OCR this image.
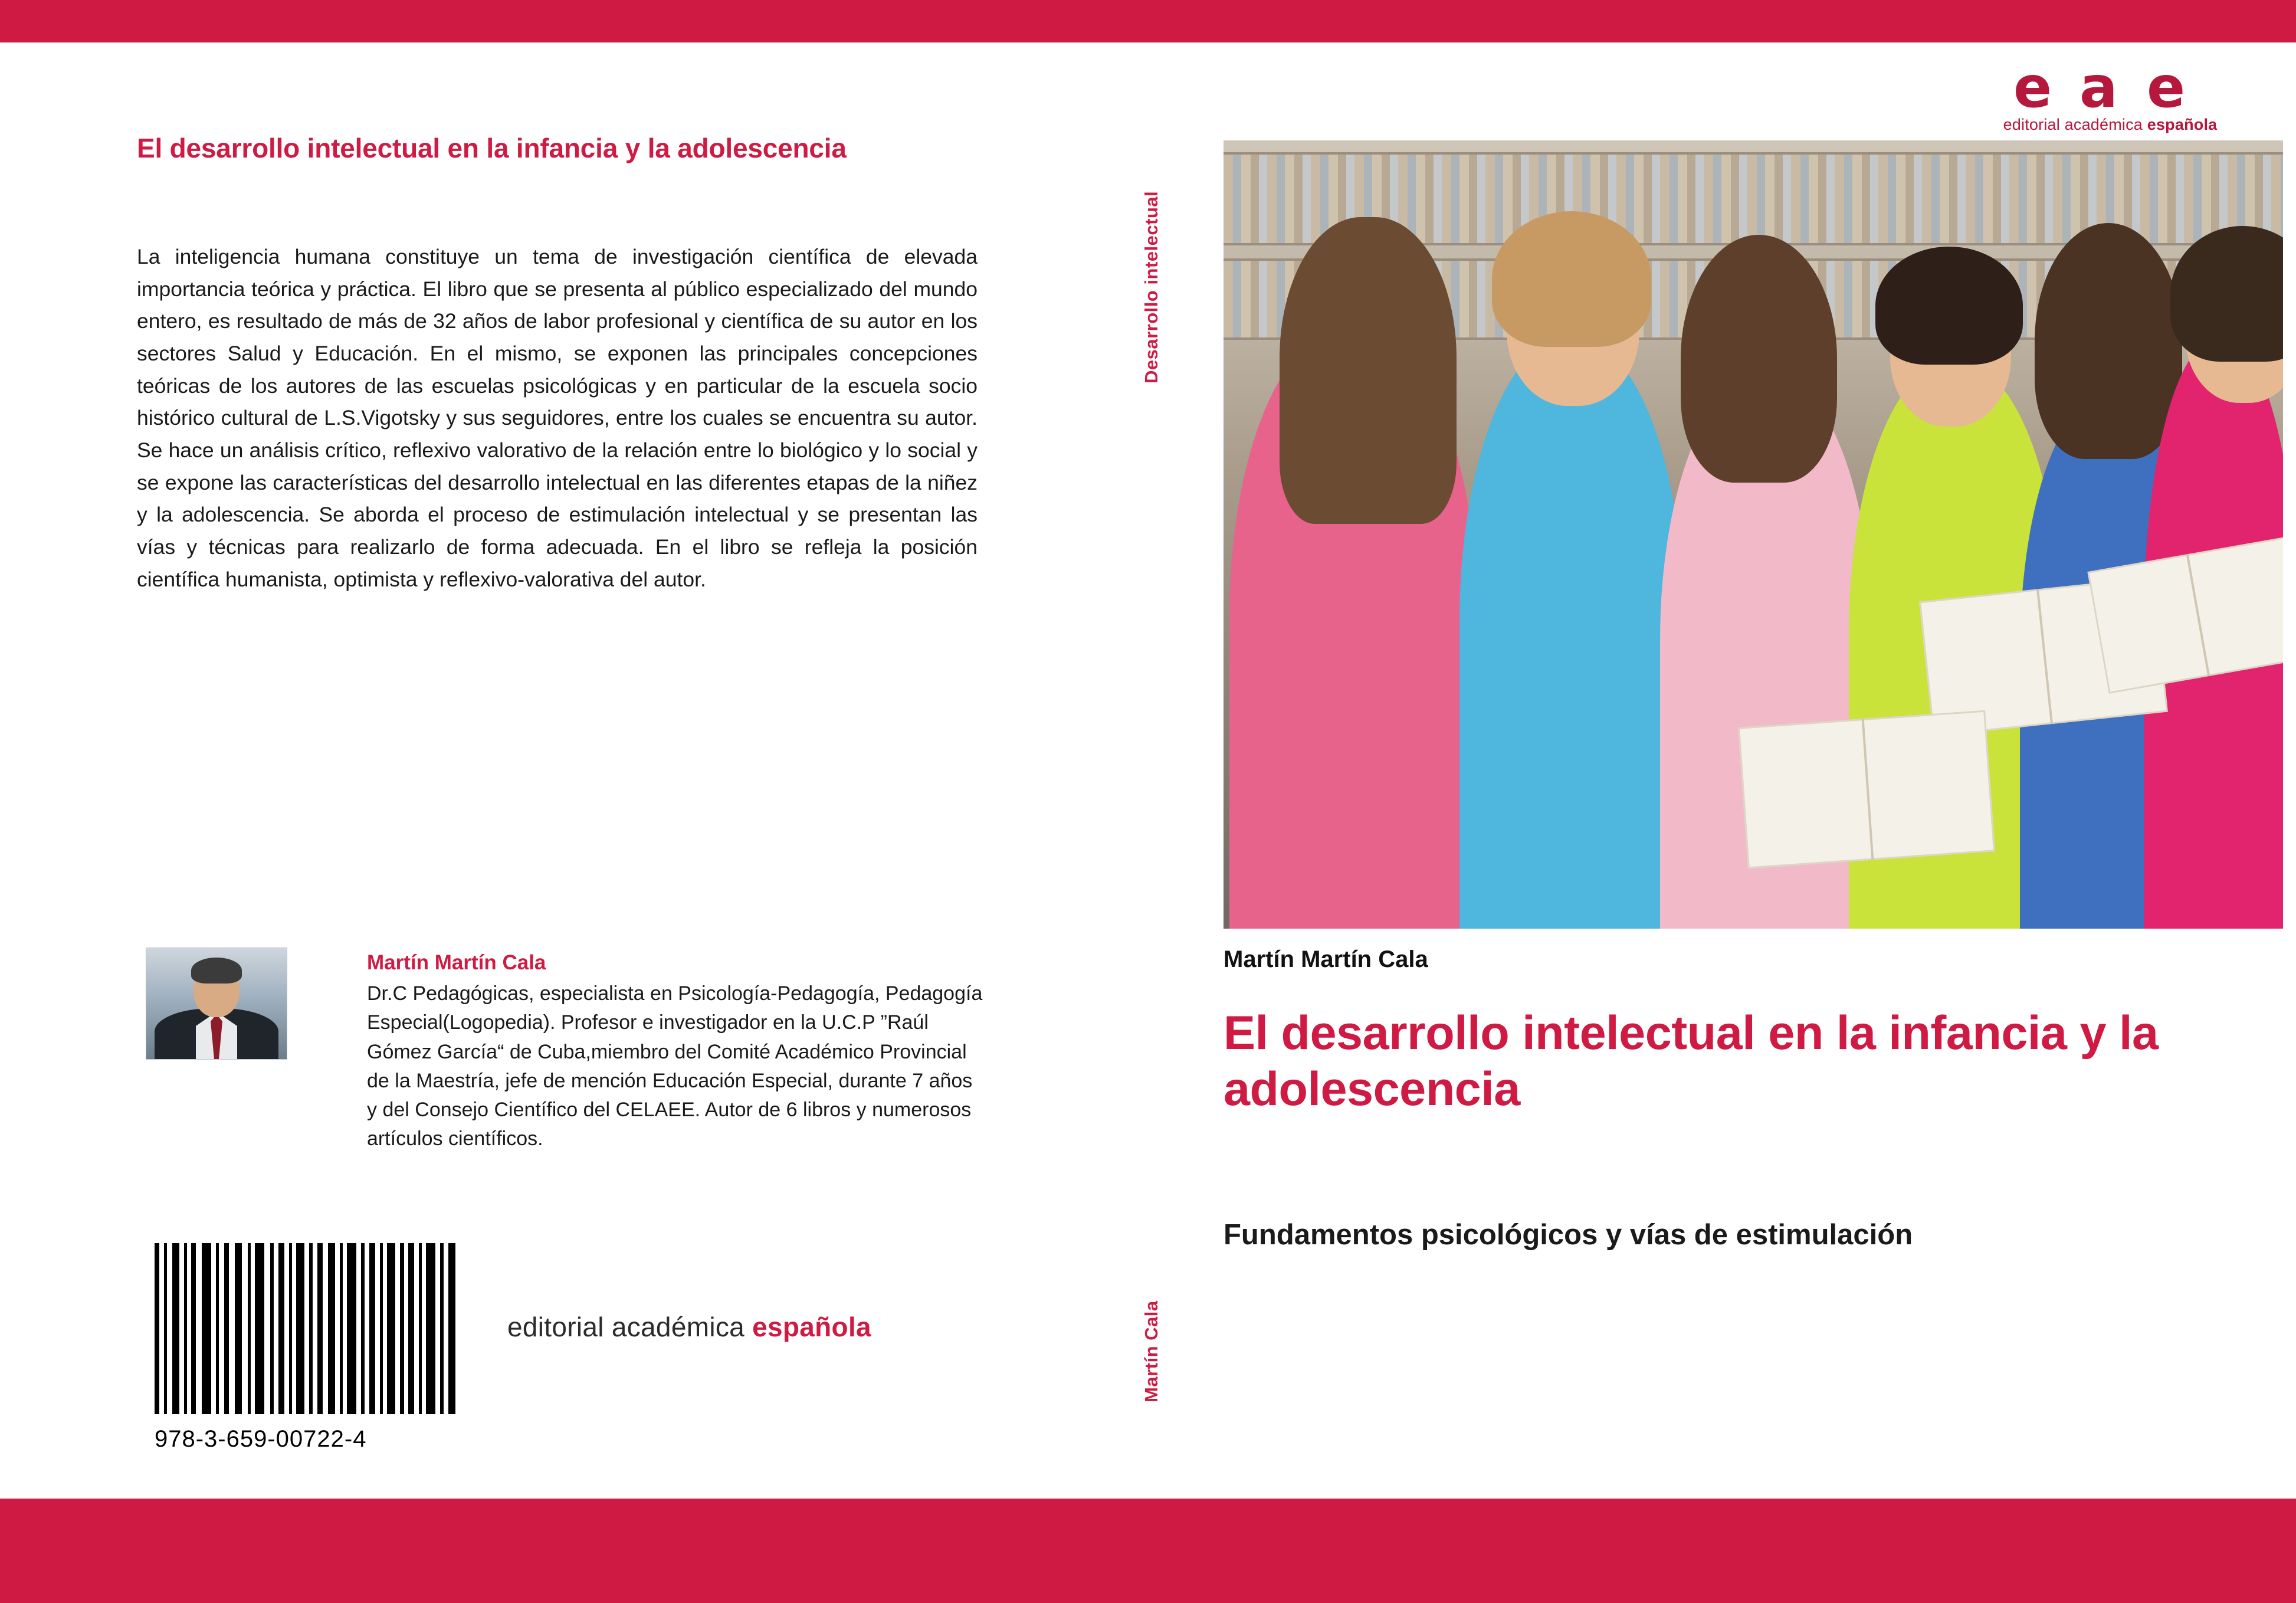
El desarrollo intelectual en la infancia y la adolescencia
La inteligencia humana constituye un tema de investigación científica de elevada importancia teórica y práctica. El libro que se presenta al público especializado del mundo entero, es resultado de más de 32 años de labor profesional y científica de su autor en los sectores Salud y Educación. En el mismo, se exponen las principales concepciones teóricas de los autores de las escuelas psicológicas y en particular de la escuela socio histórico cultural de L.S.Vigotsky y sus seguidores, entre los cuales se encuentra su autor. Se hace un análisis crítico, reflexivo valorativo de la relación entre lo biológico y lo social y se expone las características del desarrollo intelectual en las diferentes etapas de la niñez y la adolescencia. Se aborda el proceso de estimulación intelectual y se presentan las vías y técnicas para realizarlo de forma adecuada. En el libro se refleja la posición científica humanista, optimista y reflexivo-valorativa del autor.
Martín Martín Cala
Dr.C Pedagógicas, especialista en Psicología-Pedagogía, Pedagogía Especial(Logopedia). Profesor e investigador en la U.C.P ”Raúl Gómez García“ de Cuba,miembro del Comité Académico Provincial de la Maestría, jefe de mención Educación Especial, durante 7 años y del Consejo Científico del CELAEE. Autor de 6 libros y numerosos artículos científicos.
978-3-659-00722-4
editorial académica española
Desarrollo intelectual
Martín Cala
e a e
editorial académica española
Martín Martín Cala
El desarrollo intelectual en la infancia y la adolescencia
Fundamentos psicológicos y vías de estimulación
